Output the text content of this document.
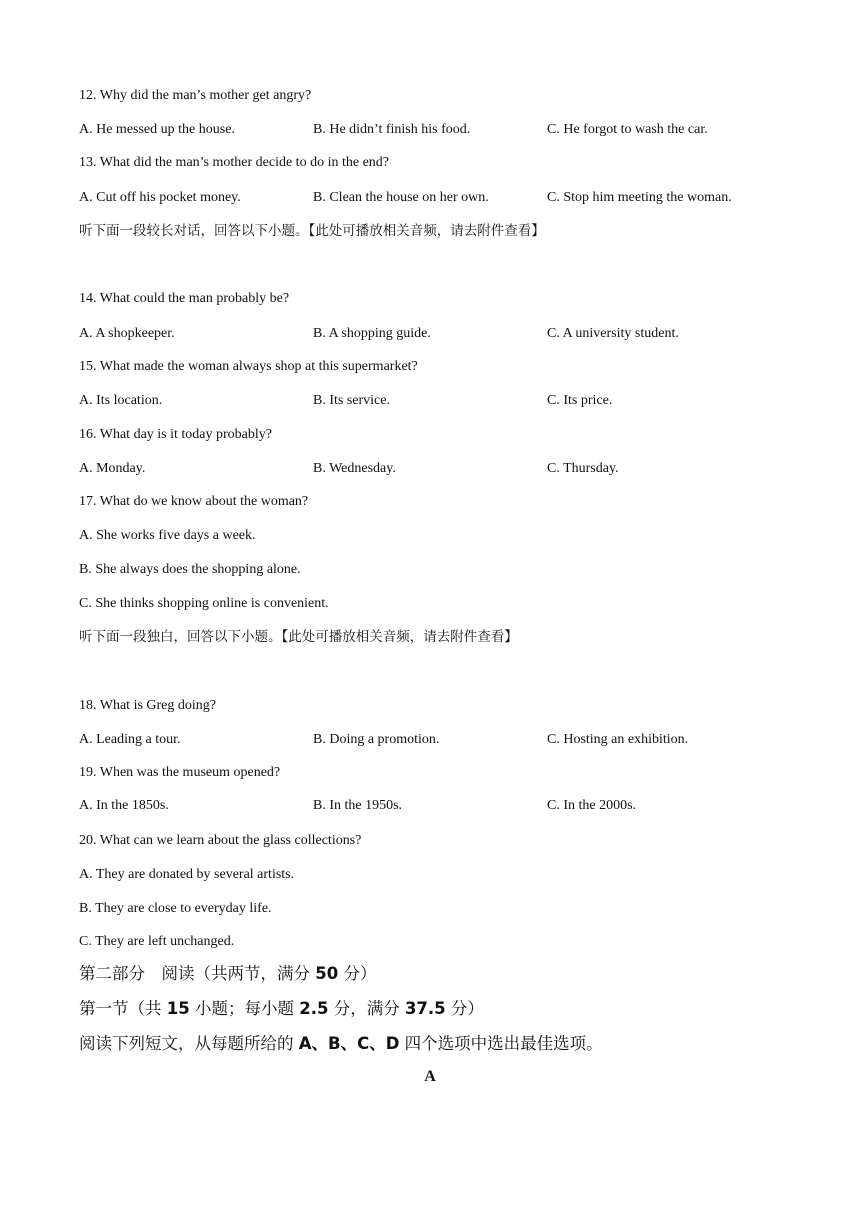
12. Why did the man’s mother get angry?
A. He messed up the house.	B. He didn’t finish his food.	C. He forgot to wash the car.
13. What did the man’s mother decide to do in the end?
A. Cut off his pocket money.	B. Clean the house on her own.	C. Stop him meeting the woman.
听下面一段较长对话，回答以下小题。【此处可播放相关音频，请去附件查看】
14. What could the man probably be?
A. A shopkeeper.	B. A shopping guide.	C. A university student.
15. What made the woman always shop at this supermarket?
A. Its location.	B. Its service.	C. Its price.
16. What day is it today probably?
A. Monday.	B. Wednesday.	C. Thursday.
17. What do we know about the woman?
A. She works five days a week.
B. She always does the shopping alone.
C. She thinks shopping online is convenient.
听下面一段独白，回答以下小题。【此处可播放相关音频，请去附件查看】
18. What is Greg doing?
A. Leading a tour.	B. Doing a promotion.	C. Hosting an exhibition.
19. When was the museum opened?
A. In the 1850s.	B. In the 1950s.	C. In the 2000s.
20. What can we learn about the glass collections?
A. They are donated by several artists.
B. They are close to everyday life.
C. They are left unchanged.
第二部分　阅读（共两节，满分 50 分）
第一节（共 15 小题；每小题 2.5 分，满分 37.5 分）
阅读下列短文，从每题所给的 A、B、C、D 四个选项中选出最佳选项。
A
